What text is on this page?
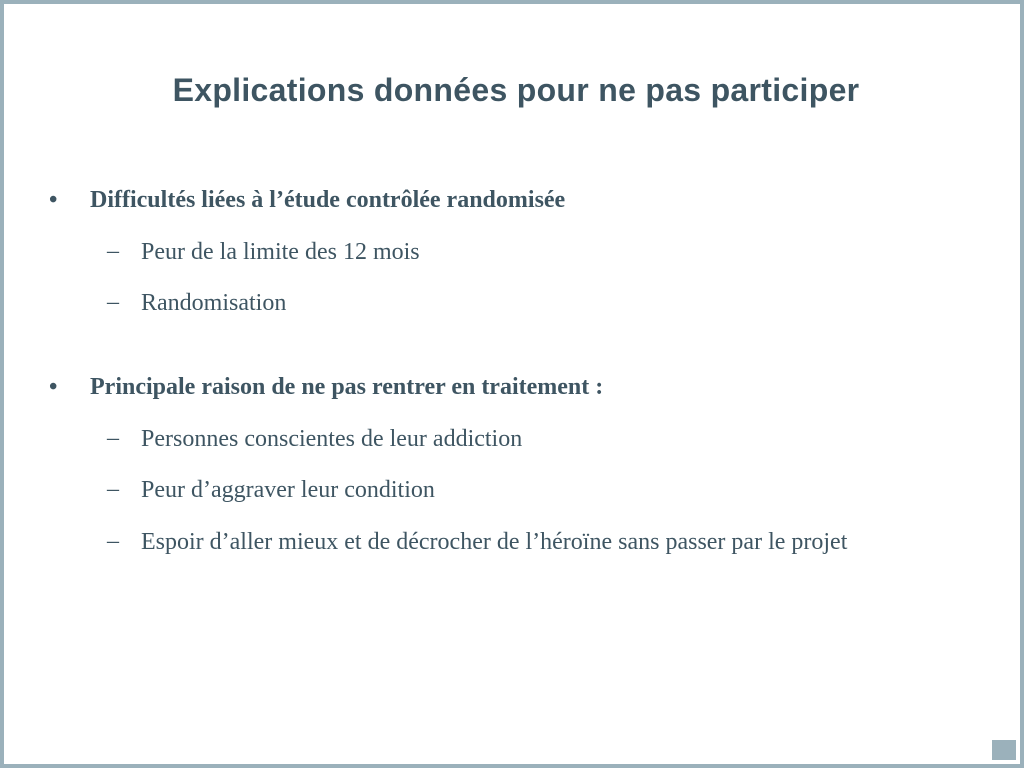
Explications données pour ne pas participer
• Difficultés liées à l’étude contrôlée randomisée
– Peur de la limite des 12 mois
– Randomisation
• Principale raison de ne pas rentrer en traitement :
– Personnes conscientes de leur addiction
– Peur d’aggraver leur condition
– Espoir d’aller mieux et de décrocher de l’héroïne sans passer par le projet
